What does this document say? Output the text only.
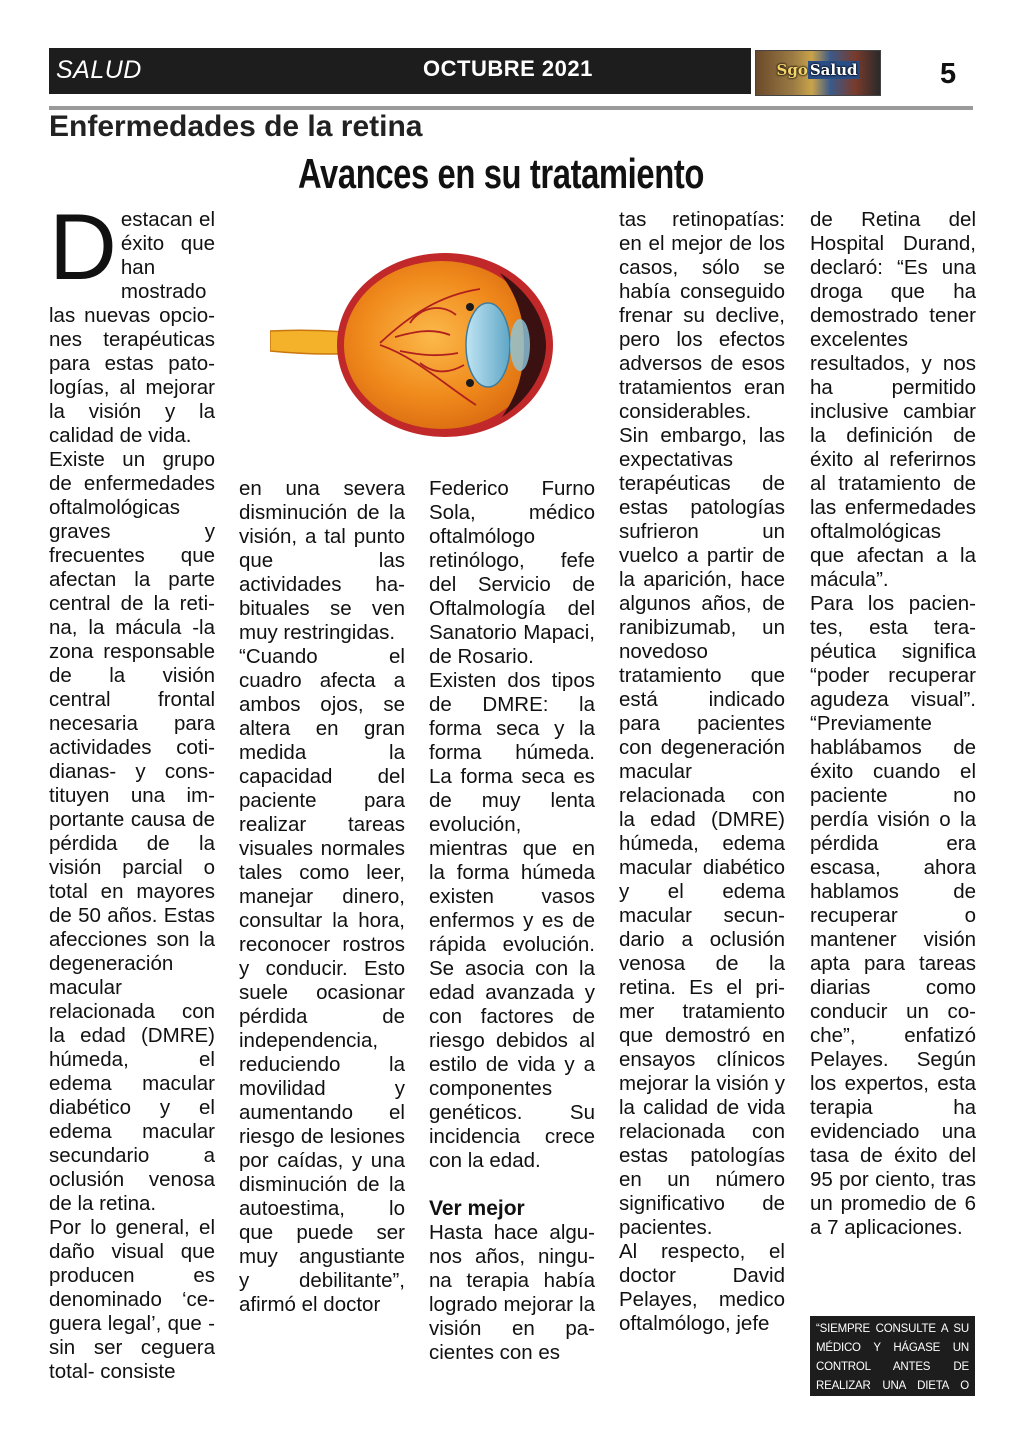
SALUD	OCTUBRE 2021	Sgo Salud	5
Enfermedades de la retina
Avances en su tratamiento

Destacan el éxito que han mostrado las nuevas opciones terapéuticas para estas patologías, al mejorar la visión y la calidad de vida.

Existe un grupo de enfermedades oftalmológicas graves y frecuentes que afectan la parte central de la retina, la mácula -la zona responsable de la visión central frontal necesaria para actividades cotidianas- y constituyen una importante causa de pérdida de la visión parcial o total en mayores de 50 años. Estas afecciones son la degeneración macular relacionada con la edad (DMRE) húmeda, el edema macular diabético y el edema macular secundario a oclusión venosa de la retina.

Por lo general, el daño visual que producen es denominado ‘ceguera legal’, que -sin ser ceguera total- consiste

en una severa disminución de la visión, a tal punto que las actividades habituales se ven muy restringidas.

“Cuando el cuadro afecta a ambos ojos, se altera en gran medida la capacidad del paciente para realizar tareas visuales normales tales como leer, manejar dinero, consultar la hora, reconocer rostros y conducir. Esto suele ocasionar pérdida de independencia, reduciendo la movilidad y aumentando el riesgo de lesiones por caídas, y una disminución de la autoestima, lo que puede ser muy angustiante y debilitante”, afirmó el doctor

Federico Furno Sola, médico oftalmólogo retinólogo, fefe del Servicio de Oftalmología del Sanatorio Mapaci, de Rosario.

Existen dos tipos de DMRE: la forma seca y la forma húmeda. La forma seca es de muy lenta evolución, mientras que en la forma húmeda existen vasos enfermos y es de rápida evolución. Se asocia con la edad avanzada y con factores de riesgo debidos al estilo de vida y a componentes genéticos. Su incidencia crece con la edad.

Ver mejor

Hasta hace algunos años, ninguna terapia había logrado mejorar la visión en pacientes con es

tas retinopatías: en el mejor de los casos, sólo se había conseguido frenar su declive, pero los efectos adversos de esos tratamientos eran considerables.

Sin embargo, las expectativas terapéuticas de estas patologías sufrieron un vuelco a partir de la aparición, hace algunos años, de ranibizumab, un novedoso tratamiento que está indicado para pacientes con degeneración macular relacionada con la edad (DMRE) húmeda, edema macular diabético y el edema macular secundario a oclusión venosa de la retina. Es el primer tratamiento que demostró en ensayos clínicos mejorar la visión y la calidad de vida relacionada con estas patologías en un número significativo de pacientes.

Al respecto, el doctor David Pelayes, medico oftalmólogo, jefe

de Retina del Hospital Durand, declaró: “Es una droga que ha demostrado tener excelentes resultados, y nos ha permitido inclusive cambiar la definición de éxito al referirnos al tratamiento de las enfermedades oftalmológicas que afectan a la mácula”.

Para los pacientes, esta terapéutica significa “poder recuperar agudeza visual”. “Previamente hablábamos de éxito cuando el paciente no perdía visión o la pérdida era escasa, ahora hablamos de recuperar o mantener visión apta para tareas diarias como conducir un coche”, enfatizó Pelayes. Según los expertos, esta terapia ha evidenciado una tasa de éxito del 95 por ciento, tras un promedio de 6 a 7 aplicaciones.

“SIEMPRE CONSULTE A SU MÉDICO Y HÁGASE UN CONTROL ANTES DE REALIZAR UNA DIETA O ACTIVADAD FÍSICA”
